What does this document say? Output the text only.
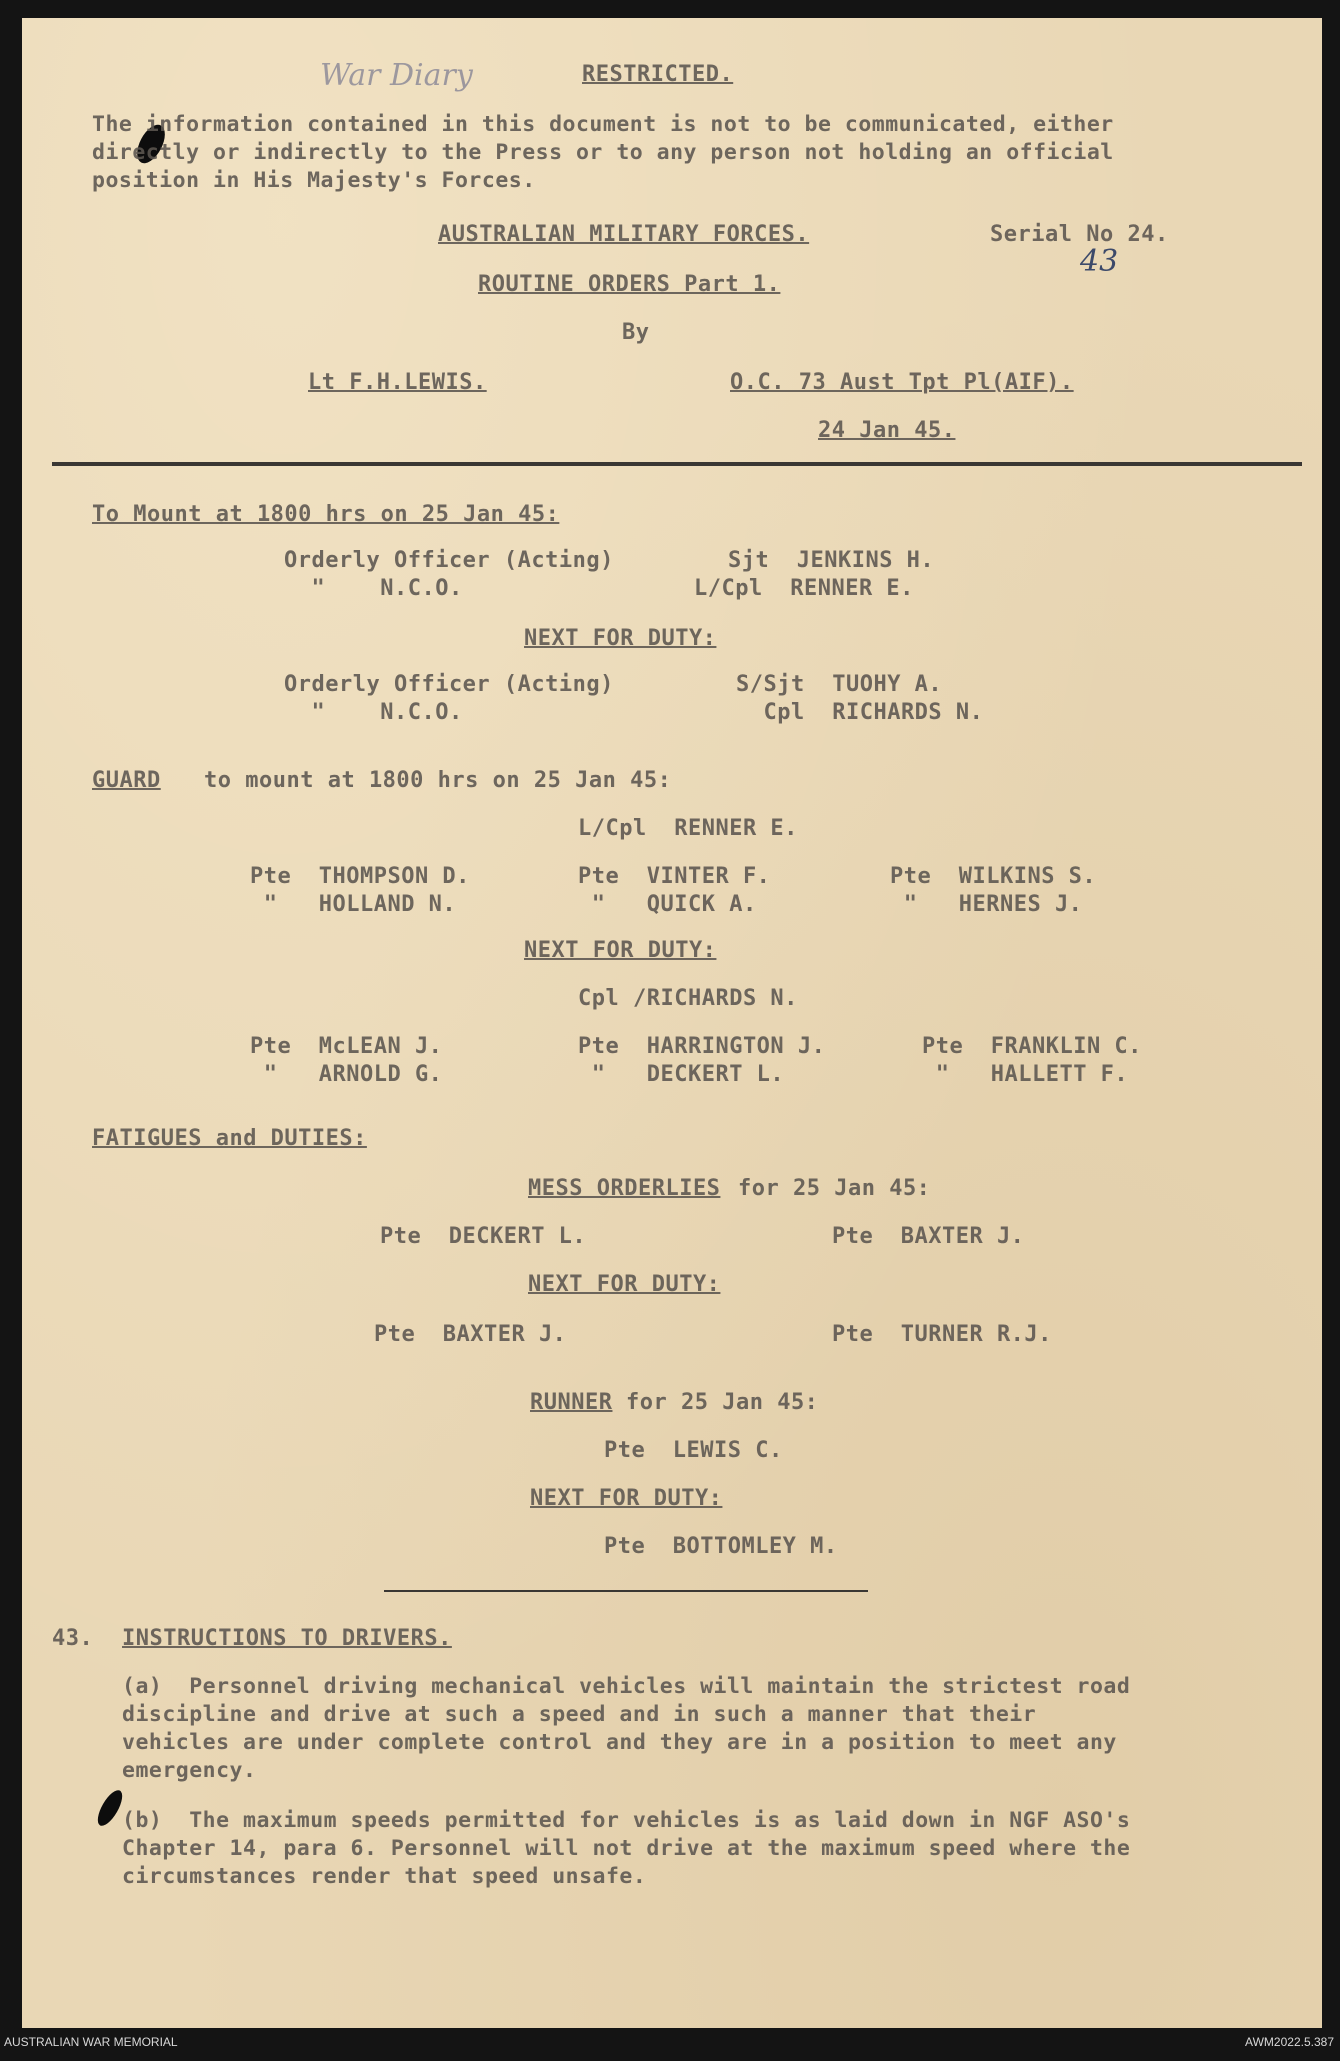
War Diary
43
RESTRICTED.
The information contained in this document is not to be communicated, either
directly or indirectly to the Press or to any person not holding an official
position in His Majesty's Forces.
AUSTRALIAN MILITARY FORCES.	Serial No 24.
ROUTINE ORDERS Part 1.
By
Lt F.H.LEWIS.	O.C. 73 Aust Tpt Pl(AIF).
24 Jan 45.
To Mount at 1800 hrs on 25 Jan 45:
Orderly Officer (Acting)	Sjt  JENKINS H.
"    N.C.O.	L/Cpl  RENNER E.
NEXT FOR DUTY:
Orderly Officer (Acting)	S/Sjt  TUOHY A.
"    N.C.O.	Cpl  RICHARDS N.
GUARD to mount at 1800 hrs on 25 Jan 45:
L/Cpl  RENNER E.
Pte  THOMPSON D.	Pte  VINTER F.	Pte  WILKINS S.
"   HOLLAND N.	"   QUICK A.	"   HERNES J.
NEXT FOR DUTY:
Cpl /RICHARDS N.
Pte  McLEAN J.	Pte  HARRINGTON J.	Pte  FRANKLIN C.
"   ARNOLD G.	"   DECKERT L.	"   HALLETT F.
FATIGUES and DUTIES:
MESS ORDERLIES for 25 Jan 45:
Pte  DECKERT L.	Pte  BAXTER J.
NEXT FOR DUTY:
Pte  BAXTER J.	Pte  TURNER R.J.
RUNNER for 25 Jan 45:
Pte  LEWIS C.
NEXT FOR DUTY:
Pte  BOTTOMLEY M.
43. INSTRUCTIONS TO DRIVERS.
(a)  Personnel driving mechanical vehicles will maintain the strictest road
discipline and drive at such a speed and in such a manner that their
vehicles are under complete control and they are in a position to meet any
emergency.
(b)  The maximum speeds permitted for vehicles is as laid down in NGF ASO's
Chapter 14, para 6. Personnel will not drive at the maximum speed where the
circumstances render that speed unsafe.
AUSTRALIAN WAR MEMORIAL	AWM2022.5.387
